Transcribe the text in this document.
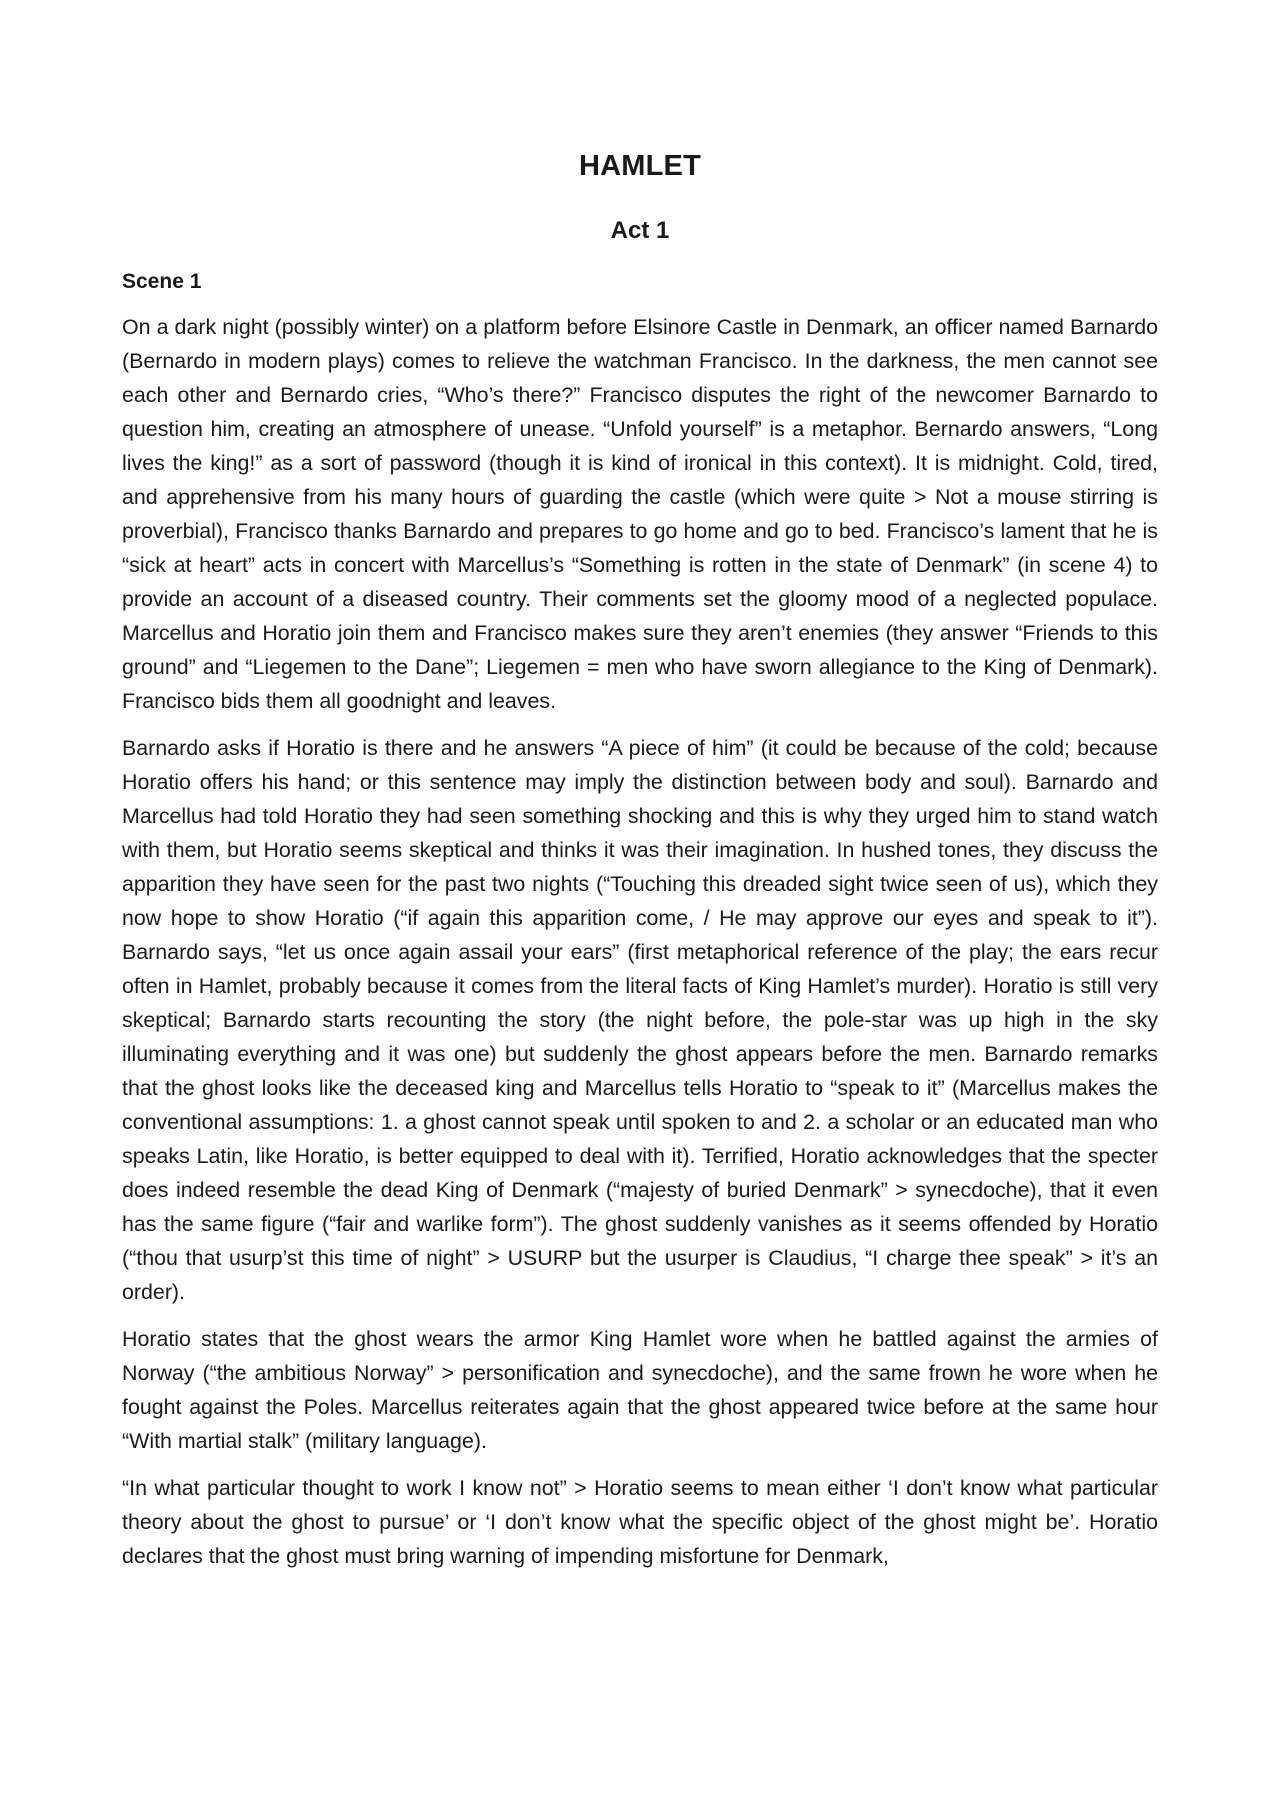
HAMLET
Act 1
Scene 1

On a dark night (possibly winter) on a platform before Elsinore Castle in Denmark, an officer named Barnardo (Bernardo in modern plays) comes to relieve the watchman Francisco. In the darkness, the men cannot see each other and Bernardo cries, “Who’s there?” Francisco disputes the right of the newcomer Barnardo to question him, creating an atmosphere of unease. “Unfold yourself” is a metaphor. Bernardo answers, “Long lives the king!” as a sort of password (though it is kind of ironical in this context). It is midnight. Cold, tired, and apprehensive from his many hours of guarding the castle (which were quite > Not a mouse stirring is proverbial), Francisco thanks Barnardo and prepares to go home and go to bed. Francisco’s lament that he is “sick at heart” acts in concert with Marcellus’s “Something is rotten in the state of Denmark” (in scene 4) to provide an account of a diseased country. Their comments set the gloomy mood of a neglected populace. Marcellus and Horatio join them and Francisco makes sure they aren’t enemies (they answer “Friends to this ground” and “Liegemen to the Dane”; Liegemen = men who have sworn allegiance to the King of Denmark). Francisco bids them all goodnight and leaves.

Barnardo asks if Horatio is there and he answers “A piece of him” (it could be because of the cold; because Horatio offers his hand; or this sentence may imply the distinction between body and soul). Barnardo and Marcellus had told Horatio they had seen something shocking and this is why they urged him to stand watch with them, but Horatio seems skeptical and thinks it was their imagination. In hushed tones, they discuss the apparition they have seen for the past two nights (“Touching this dreaded sight twice seen of us), which they now hope to show Horatio (“if again this apparition come, / He may approve our eyes and speak to it”). Barnardo says, “let us once again assail your ears” (first metaphorical reference of the play; the ears recur often in Hamlet, probably because it comes from the literal facts of King Hamlet’s murder). Horatio is still very skeptical; Barnardo starts recounting the story (the night before, the pole-star was up high in the sky illuminating everything and it was one) but suddenly the ghost appears before the men. Barnardo remarks that the ghost looks like the deceased king and Marcellus tells Horatio to “speak to it” (Marcellus makes the conventional assumptions: 1. a ghost cannot speak until spoken to and 2. a scholar or an educated man who speaks Latin, like Horatio, is better equipped to deal with it). Terrified, Horatio acknowledges that the specter does indeed resemble the dead King of Denmark (“majesty of buried Denmark” > synecdoche), that it even has the same figure (“fair and warlike form”). The ghost suddenly vanishes as it seems offended by Horatio (“thou that usurp’st this time of night” > USURP but the usurper is Claudius, “I charge thee speak” > it’s an order).

Horatio states that the ghost wears the armor King Hamlet wore when he battled against the armies of Norway (“the ambitious Norway” > personification and synecdoche), and the same frown he wore when he fought against the Poles. Marcellus reiterates again that the ghost appeared twice before at the same hour “With martial stalk” (military language).

“In what particular thought to work I know not” > Horatio seems to mean either ‘I don’t know what particular theory about the ghost to pursue’ or ‘I don’t know what the specific object of the ghost might be’. Horatio declares that the ghost must bring warning of impending misfortune for Denmark,
